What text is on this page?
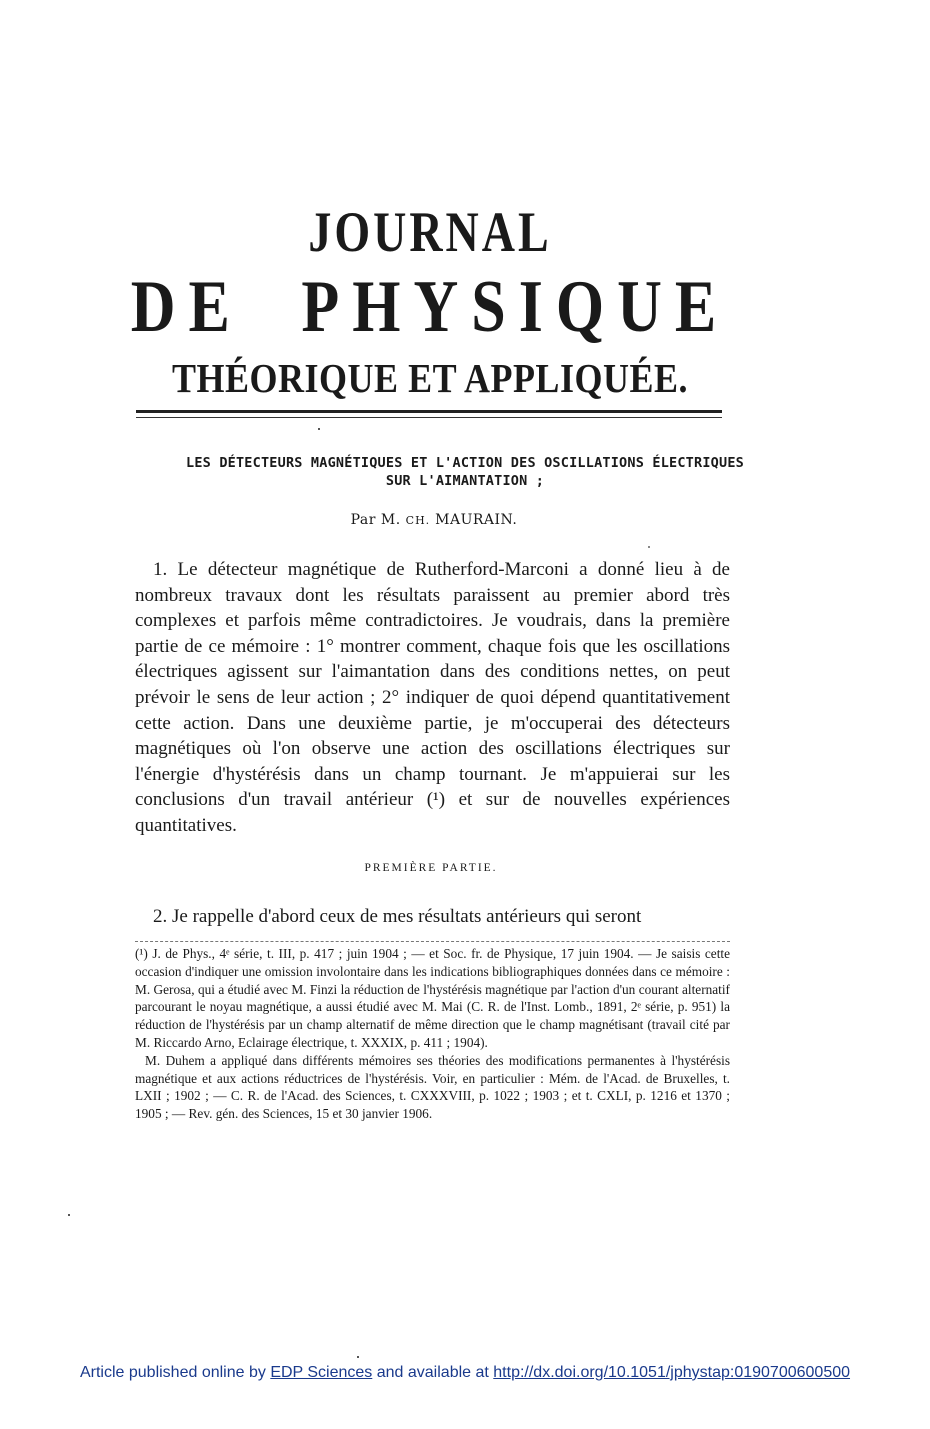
JOURNAL
DE PHYSIQUE
THÉORIQUE ET APPLIQUÉE.
LES DÉTECTEURS MAGNÉTIQUES ET L'ACTION DES OSCILLATIONS ÉLECTRIQUES
SUR L'AIMANTATION ;
Par M. CH. MAURAIN.
1. Le détecteur magnétique de Rutherford-Marconi a donné lieu à de nombreux travaux dont les résultats paraissent au premier abord très complexes et parfois même contradictoires. Je voudrais, dans la première partie de ce mémoire : 1° montrer comment, chaque fois que les oscillations électriques agissent sur l'aimantation dans des conditions nettes, on peut prévoir le sens de leur action ; 2° indiquer de quoi dépend quantitativement cette action. Dans une deuxième partie, je m'occuperai des détecteurs magnétiques où l'on observe une action des oscillations électriques sur l'énergie d'hystérésis dans un champ tournant. Je m'appuierai sur les conclusions d'un travail antérieur (¹) et sur de nouvelles expériences quantitatives.
PREMIÈRE PARTIE.
2. Je rappelle d'abord ceux de mes résultats antérieurs qui seront

(¹) J. de Phys., 4ᵉ série, t. III, p. 417 ; juin 1904 ; — et Soc. fr. de Physique, 17 juin 1904. — Je saisis cette occasion d'indiquer une omission involontaire dans les indications bibliographiques données dans ce mémoire : M. Gerosa, qui a étudié avec M. Finzi la réduction de l'hystérésis magnétique par l'action d'un courant alternatif parcourant le noyau magnétique, a aussi étudié avec M. Mai (C. R. de l'Inst. Lomb., 1891, 2ᵉ série, p. 951) la réduction de l'hystérésis par un champ alternatif de même direction que le champ magnétisant (travail cité par M. Riccardo Arno, Eclairage électrique, t. XXXIX, p. 411 ; 1904).

M. Duhem a appliqué dans différents mémoires ses théories des modifications permanentes à l'hystérésis magnétique et aux actions réductrices de l'hystérésis. Voir, en particulier : Mém. de l'Acad. de Bruxelles, t. LXII ; 1902 ; — C. R. de l'Acad. des Sciences, t. CXXXVIII, p. 1022 ; 1903 ; et t. CXLI, p. 1216 et 1370 ; 1905 ; — Rev. gén. des Sciences, 15 et 30 janvier 1906.

Article published online by EDP Sciences and available at http://dx.doi.org/10.1051/jphystap:0190700600500
